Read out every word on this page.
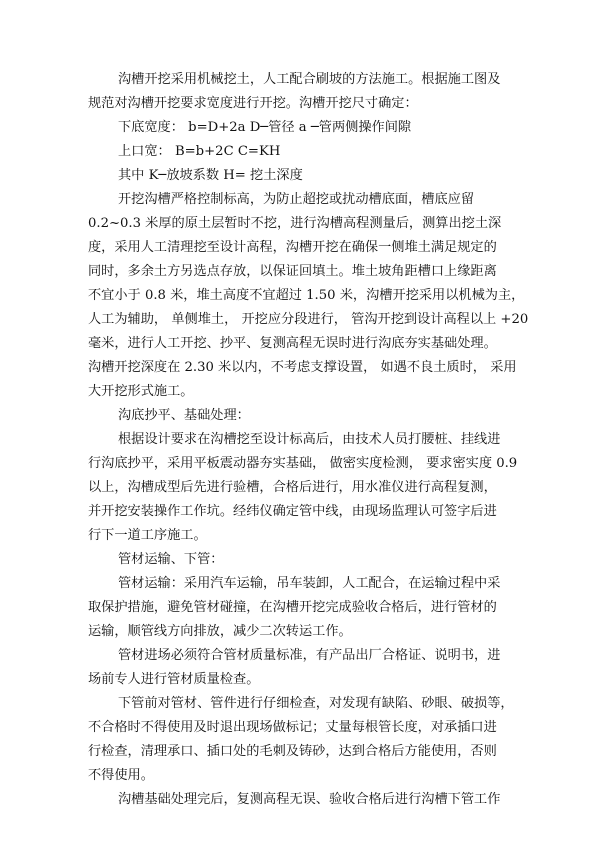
沟槽开挖采用机械挖土，人工配合刷坡的方法施工。根据施工图及
规范对沟槽开挖要求宽度进行开挖。沟槽开挖尺寸确定：
下底宽度： b=D+2a D─管径 a ─管两侧操作间隙
上口宽： B=b+2C C=KH
其中 K─放坡系数 H= 挖土深度
开挖沟槽严格控制标高，为防止超挖或扰动槽底面，槽底应留
0.2~0.3 米厚的原土层暂时不挖，进行沟槽高程测量后，测算出挖土深
度，采用人工清理挖至设计高程，沟槽开挖在确保一侧堆土满足规定的
同时，多余土方另选点存放，以保证回填土。堆土坡角距槽口上缘距离
不宜小于 0.8 米，堆土高度不宜超过 1.50 米，沟槽开挖采用以机械为主，
人工为辅助， 单侧堆土， 开挖应分段进行， 管沟开挖到设计高程以上 +20
毫米，进行人工开挖、抄平、复测高程无误时进行沟底夯实基础处理。
沟槽开挖深度在 2.30 米以内，不考虑支撑设置， 如遇不良土质时， 采用
大开挖形式施工。
沟底抄平、基础处理：
根据设计要求在沟槽挖至设计标高后，由技术人员打腰桩、挂线进
行沟底抄平，采用平板震动器夯实基础， 做密实度检测， 要求密实度 0.9
以上，沟槽成型后先进行验槽，合格后进行，用水准仪进行高程复测，
并开挖安装操作工作坑。经纬仪确定管中线，由现场监理认可签字后进
行下一道工序施工。
管材运输、下管：
管材运输：采用汽车运输，吊车装卸，人工配合，在运输过程中采
取保护措施，避免管材碰撞，在沟槽开挖完成验收合格后，进行管材的
运输，顺管线方向排放，减少二次转运工作。
管材进场必须符合管材质量标准，有产品出厂合格证、说明书，进
场前专人进行管材质量检查。
下管前对管材、管件进行仔细检查，对发现有缺陷、砂眼、破损等，
不合格时不得使用及时退出现场做标记；丈量每根管长度，对承插口进
行检查，清理承口、插口处的毛刺及铸砂，达到合格后方能使用，否则
不得使用。
沟槽基础处理完后，复测高程无误、验收合格后进行沟槽下管工作
